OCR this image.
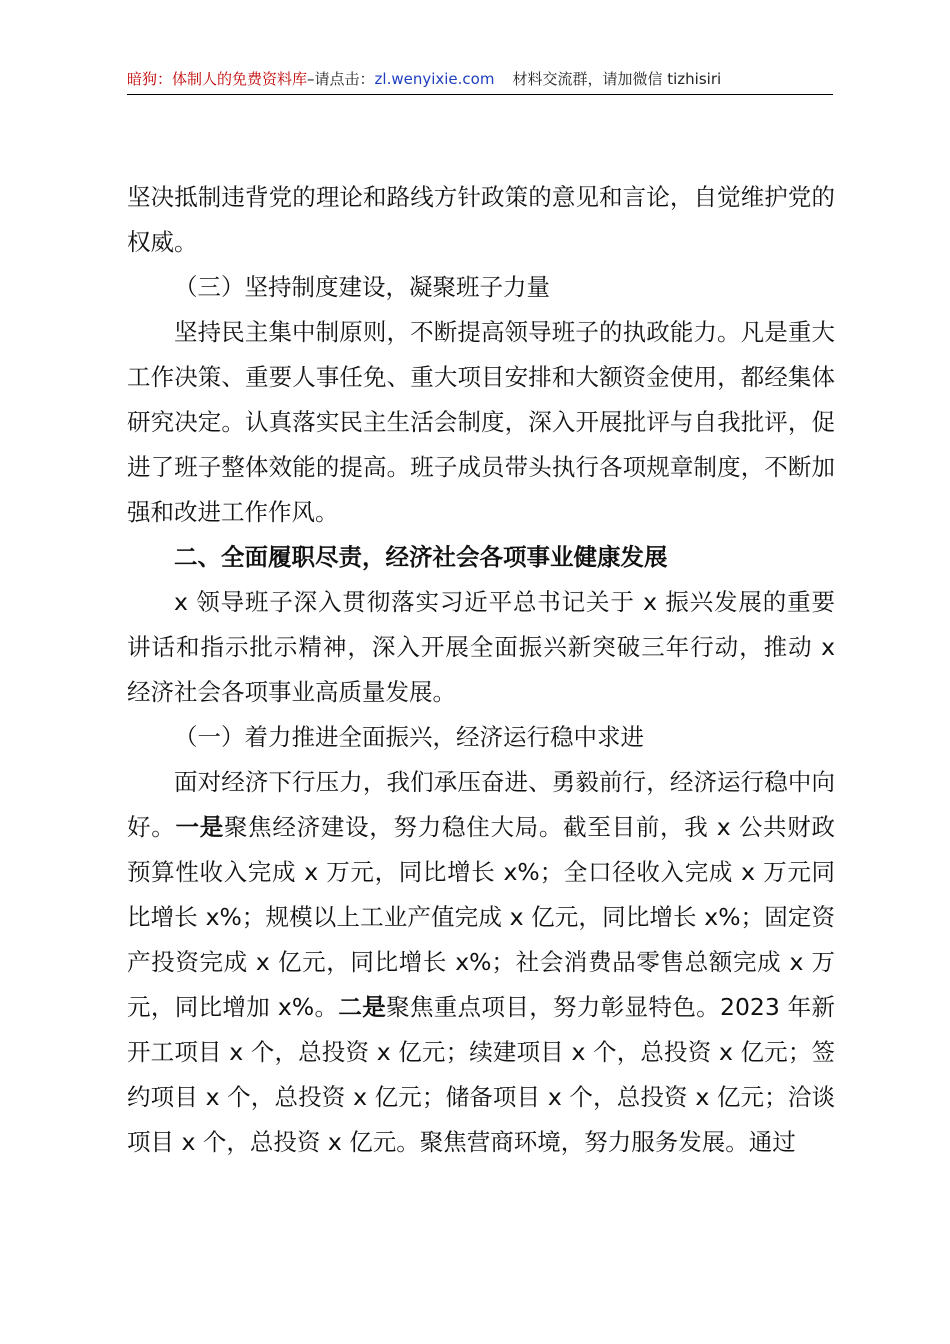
暗狗：体制人的免费资料库–请点击：zl.wenyixie.com 材料交流群，请加微信 tizhisiri

坚决抵制违背党的理论和路线方针政策的意见和言论，自觉维护党的权威。

（三）坚持制度建设，凝聚班子力量

坚持民主集中制原则，不断提高领导班子的执政能力。凡是重大工作决策、重要人事任免、重大项目安排和大额资金使用，都经集体研究决定。认真落实民主生活会制度，深入开展批评与自我批评，促进了班子整体效能的提高。班子成员带头执行各项规章制度，不断加强和改进工作作风。

二、全面履职尽责，经济社会各项事业健康发展

x 领导班子深入贯彻落实习近平总书记关于 x 振兴发展的重要讲话和指示批示精神，深入开展全面振兴新突破三年行动，推动 x 经济社会各项事业高质量发展。

（一）着力推进全面振兴，经济运行稳中求进

面对经济下行压力，我们承压奋进、勇毅前行，经济运行稳中向好。一是聚焦经济建设，努力稳住大局。截至目前，我 x 公共财政预算性收入完成 x 万元，同比增长 x%；全口径收入完成 x 万元同比增长 x%；规模以上工业产值完成 x 亿元，同比增长 x%；固定资产投资完成 x 亿元，同比增长 x%；社会消费品零售总额完成 x 万元，同比增加 x%。二是聚焦重点项目，努力彰显特色。2023 年新开工项目 x 个，总投资 x 亿元；续建项目 x 个，总投资 x 亿元；签约项目 x 个，总投资 x 亿元；储备项目 x 个，总投资 x 亿元；洽谈项目 x 个，总投资 x 亿元。聚焦营商环境，努力服务发展。通过
